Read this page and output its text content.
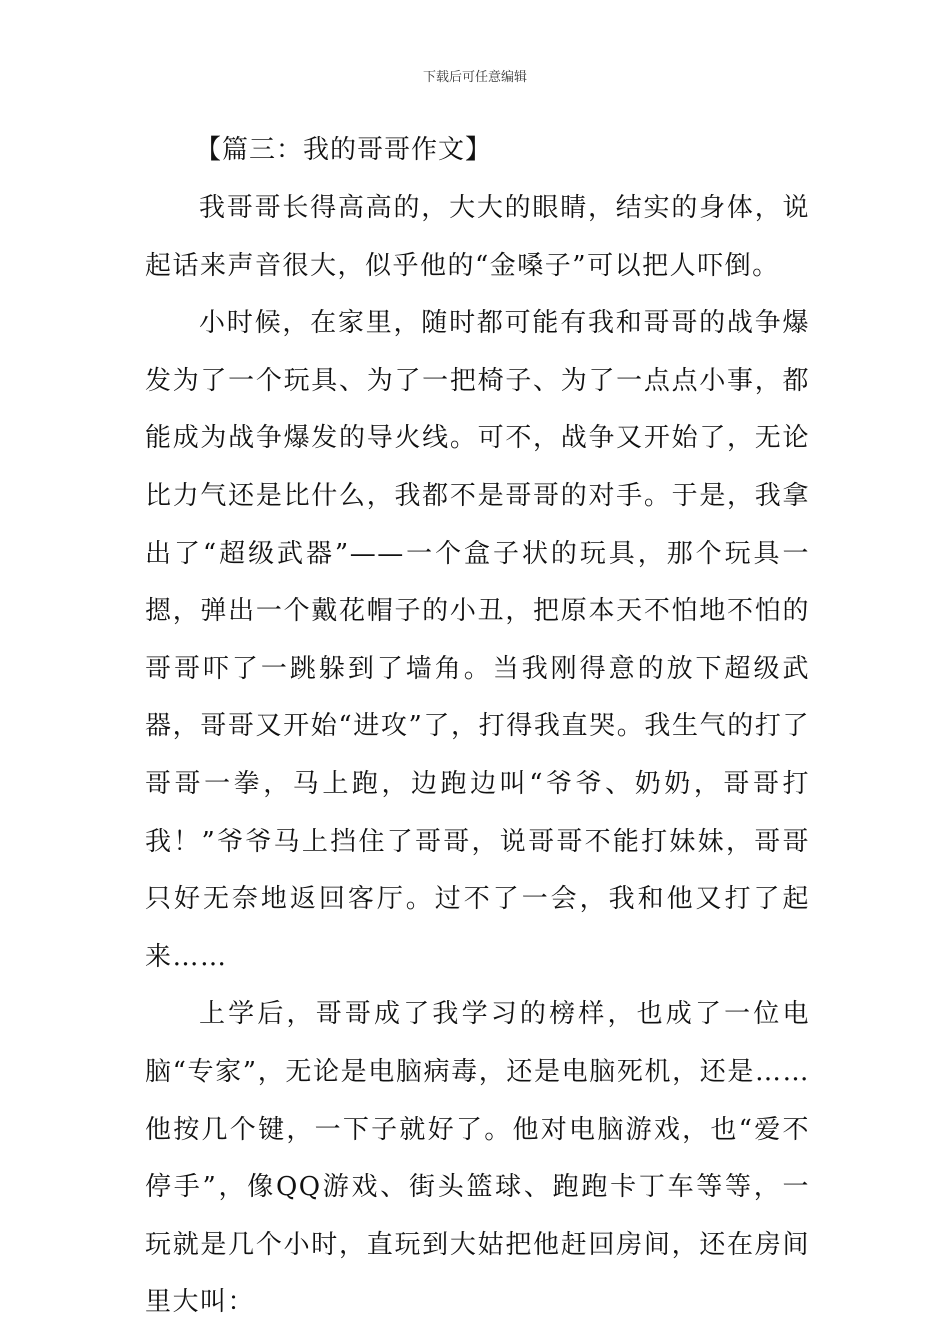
下载后可任意编辑
【篇三：我的哥哥作文】

我哥哥长得高高的，大大的眼睛，结实的身体，说起话来声音很大，似乎他的“金嗓子”可以把人吓倒。

小时候，在家里，随时都可能有我和哥哥的战争爆发为了一个玩具、为了一把椅子、为了一点点小事，都能成为战争爆发的导火线。可不，战争又开始了，无论比力气还是比什么，我都不是哥哥的对手。于是，我拿出了“超级武器”——一个盒子状的玩具，那个玩具一摁，弹出一个戴花帽子的小丑，把原本天不怕地不怕的哥哥吓了一跳躲到了墙角。当我刚得意的放下超级武器，哥哥又开始“进攻”了，打得我直哭。我生气的打了哥哥一拳，马上跑，边跑边叫“爷爷、奶奶，哥哥打我！”爷爷马上挡住了哥哥，说哥哥不能打妹妹，哥哥只好无奈地返回客厅。过不了一会，我和他又打了起来……

上学后，哥哥成了我学习的榜样，也成了一位电脑“专家”，无论是电脑病毒，还是电脑死机，还是……他按几个键，一下子就好了。他对电脑游戏，也“爱不停手”，像QQ游戏、街头篮球、跑跑卡丁车等等，一玩就是几个小时，直玩到大姑把他赶回房间，还在房间里大叫：
